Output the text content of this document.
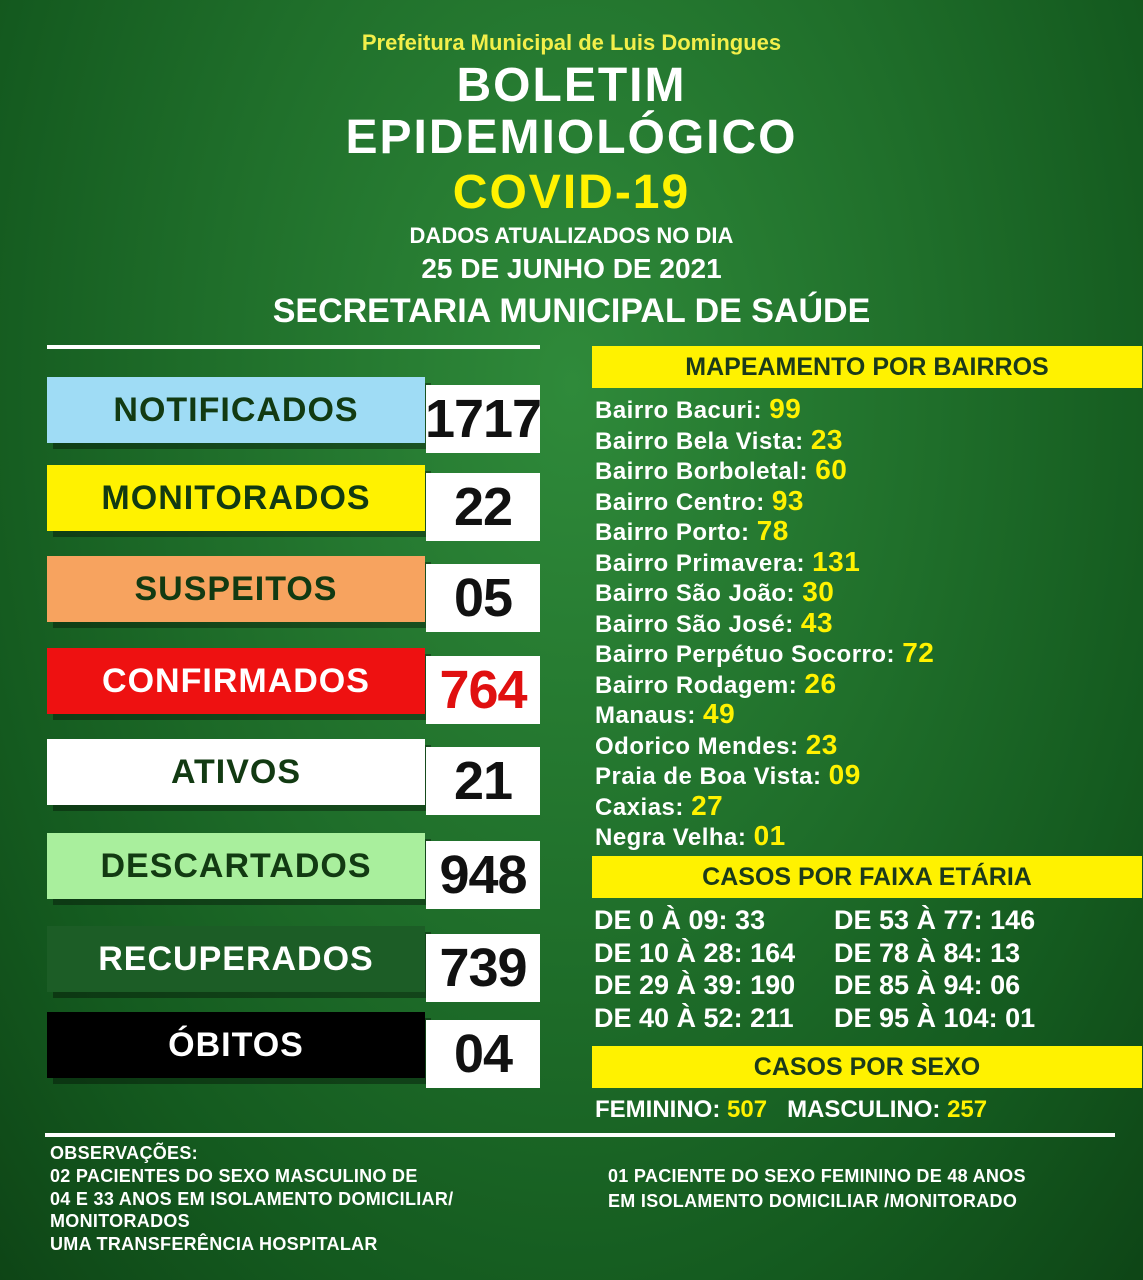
Prefeitura Municipal de Luis Domingues
BOLETIM
EPIDEMIOLÓGICO
COVID-19
DADOS ATUALIZADOS NO DIA
25 DE JUNHO DE 2021
SECRETARIA MUNICIPAL DE SAÚDE
NOTIFICADOS	1717
MONITORADOS	22
SUSPEITOS	05
CONFIRMADOS	764
ATIVOS	21
DESCARTADOS	948
RECUPERADOS	739
ÓBITOS	04
MAPEAMENTO POR BAIRROS
Bairro Bacuri: 99
Bairro Bela Vista: 23
Bairro Borboletal: 60
Bairro Centro: 93
Bairro Porto: 78
Bairro Primavera: 131
Bairro São João: 30
Bairro São José: 43
Bairro Perpétuo Socorro: 72
Bairro Rodagem: 26
Manaus: 49
Odorico Mendes: 23
Praia de Boa Vista: 09
Caxias: 27
Negra Velha: 01
CASOS POR FAIXA ETÁRIA
DE 0 À 09: 33
DE 10 À 28: 164
DE 29 À 39: 190
DE 40 À 52: 211
DE 53 À 77: 146
DE 78 À 84: 13
DE 85 À 94: 06
DE 95 À 104: 01
CASOS POR SEXO
FEMININO: 507 MASCULINO: 257
OBSERVAÇÕES:
02 PACIENTES DO SEXO MASCULINO DE
04 E 33 ANOS EM ISOLAMENTO DOMICILIAR/
MONITORADOS
UMA TRANSFERÊNCIA HOSPITALAR
01 PACIENTE DO SEXO FEMININO DE 48 ANOS
EM ISOLAMENTO DOMICILIAR /MONITORADO
